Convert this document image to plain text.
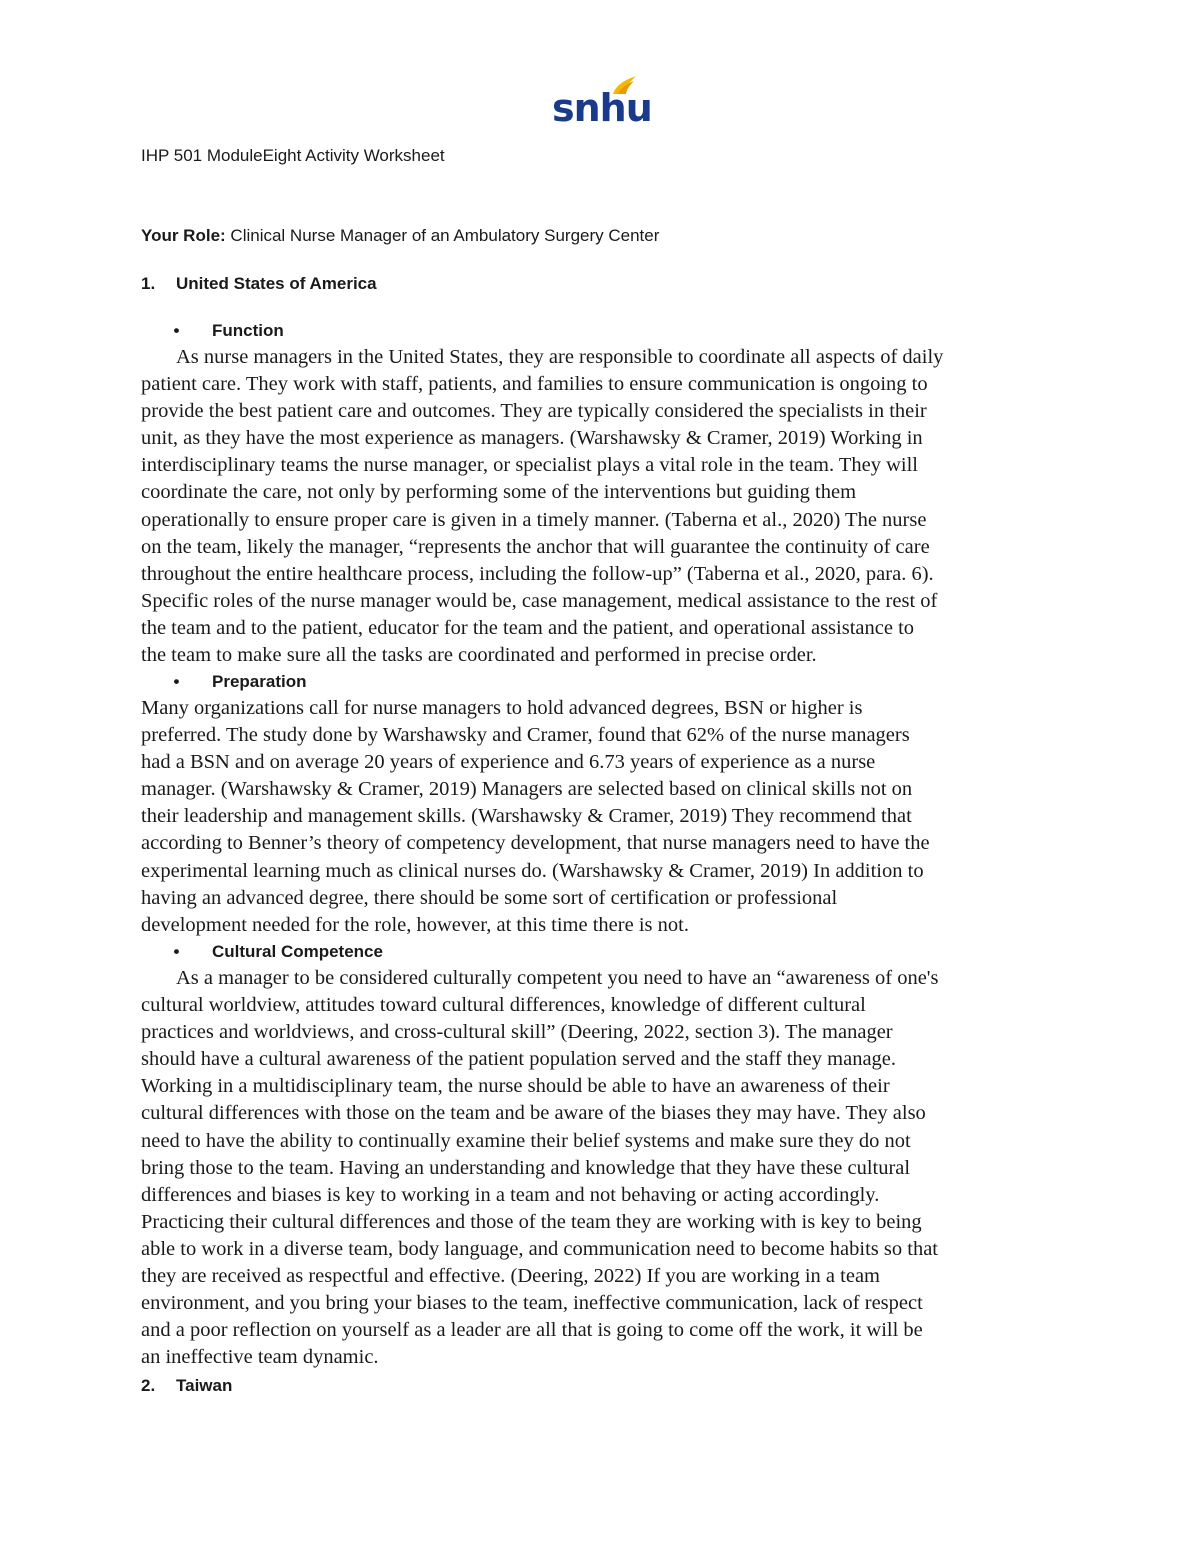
snhu
IHP 501 ModuleEight Activity Worksheet
Your Role: Clinical Nurse Manager of an Ambulatory Surgery Center
1. United States of America
• Function
As nurse managers in the United States, they are responsible to coordinate all aspects of daily
patient care. They work with staff, patients, and families to ensure communication is ongoing to
provide the best patient care and outcomes. They are typically considered the specialists in their
unit, as they have the most experience as managers. (Warshawsky & Cramer, 2019) Working in
interdisciplinary teams the nurse manager, or specialist plays a vital role in the team. They will
coordinate the care, not only by performing some of the interventions but guiding them
operationally to ensure proper care is given in a timely manner. (Taberna et al., 2020) The nurse
on the team, likely the manager, “represents the anchor that will guarantee the continuity of care
throughout the entire healthcare process, including the follow-up” (Taberna et al., 2020, para. 6).
Specific roles of the nurse manager would be, case management, medical assistance to the rest of
the team and to the patient, educator for the team and the patient, and operational assistance to
the team to make sure all the tasks are coordinated and performed in precise order.
• Preparation
Many organizations call for nurse managers to hold advanced degrees, BSN or higher is
preferred. The study done by Warshawsky and Cramer, found that 62% of the nurse managers
had a BSN and on average 20 years of experience and 6.73 years of experience as a nurse
manager. (Warshawsky & Cramer, 2019) Managers are selected based on clinical skills not on
their leadership and management skills. (Warshawsky & Cramer, 2019) They recommend that
according to Benner’s theory of competency development, that nurse managers need to have the
experimental learning much as clinical nurses do. (Warshawsky & Cramer, 2019) In addition to
having an advanced degree, there should be some sort of certification or professional
development needed for the role, however, at this time there is not.
• Cultural Competence
As a manager to be considered culturally competent you need to have an “awareness of one's
cultural worldview, attitudes toward cultural differences, knowledge of different cultural
practices and worldviews, and cross-cultural skill” (Deering, 2022, section 3). The manager
should have a cultural awareness of the patient population served and the staff they manage.
Working in a multidisciplinary team, the nurse should be able to have an awareness of their
cultural differences with those on the team and be aware of the biases they may have. They also
need to have the ability to continually examine their belief systems and make sure they do not
bring those to the team. Having an understanding and knowledge that they have these cultural
differences and biases is key to working in a team and not behaving or acting accordingly.
Practicing their cultural differences and those of the team they are working with is key to being
able to work in a diverse team, body language, and communication need to become habits so that
they are received as respectful and effective. (Deering, 2022) If you are working in a team
environment, and you bring your biases to the team, ineffective communication, lack of respect
and a poor reflection on yourself as a leader are all that is going to come off the work, it will be
an ineffective team dynamic.
2. Taiwan
